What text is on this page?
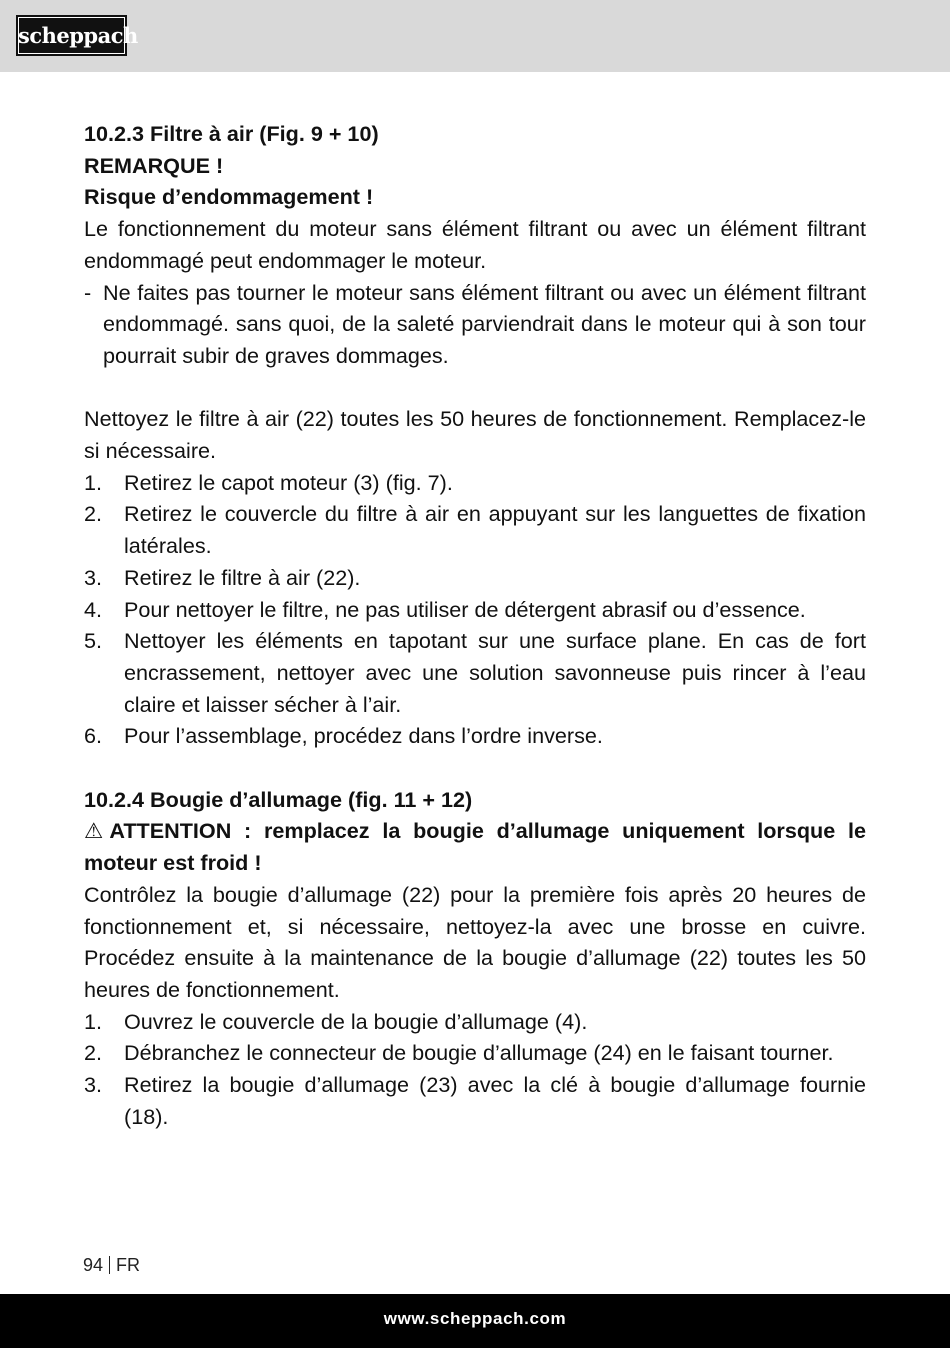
scheppach

10.2.3 Filtre à air (Fig. 9 + 10)

REMARQUE !

Risque d’endommagement !

Le fonctionnement du moteur sans élément filtrant ou avec un élément filtrant endommagé peut endommager le moteur.

- Ne faites pas tourner le moteur sans élément filtrant ou avec un élément filtrant endommagé. sans quoi, de la saleté parviendrait dans le moteur qui à son tour pourrait subir de graves dommages.

Nettoyez le filtre à air (22) toutes les 50 heures de fonctionnement. Remplacez-le si nécessaire.

1.	Retirez le capot moteur (3) (fig. 7).
2.	Retirez le couvercle du filtre à air en appuyant sur les languettes de fixation latérales.
3.	Retirez le filtre à air (22).
4.	Pour nettoyer le filtre, ne pas utiliser de détergent abrasif ou d’essence.
5.	Nettoyer les éléments en tapotant sur une surface plane. En cas de fort encrassement, nettoyer avec une solution savonneuse puis rincer à l’eau claire et laisser sécher à l’air.
6.	Pour l’assemblage, procédez dans l’ordre inverse.

10.2.4 Bougie d’allumage (fig. 11 + 12)

⚠ ATTENTION : remplacez la bougie d’allumage uniquement lorsque le moteur est froid !

Contrôlez la bougie d’allumage (22) pour la première fois après 20 heures de fonctionnement et, si nécessaire, nettoyez-la avec une brosse en cuivre. Procédez ensuite à la maintenance de la bougie d’allumage (22) toutes les 50 heures de fonctionnement.

1.	Ouvrez le couvercle de la bougie d’allumage (4).
2.	Débranchez le connecteur de bougie d’allumage (24) en le faisant tourner.
3.	Retirez la bougie d’allumage (23) avec la clé à bougie d’allumage fournie (18).
94 FR
www.scheppach.com
